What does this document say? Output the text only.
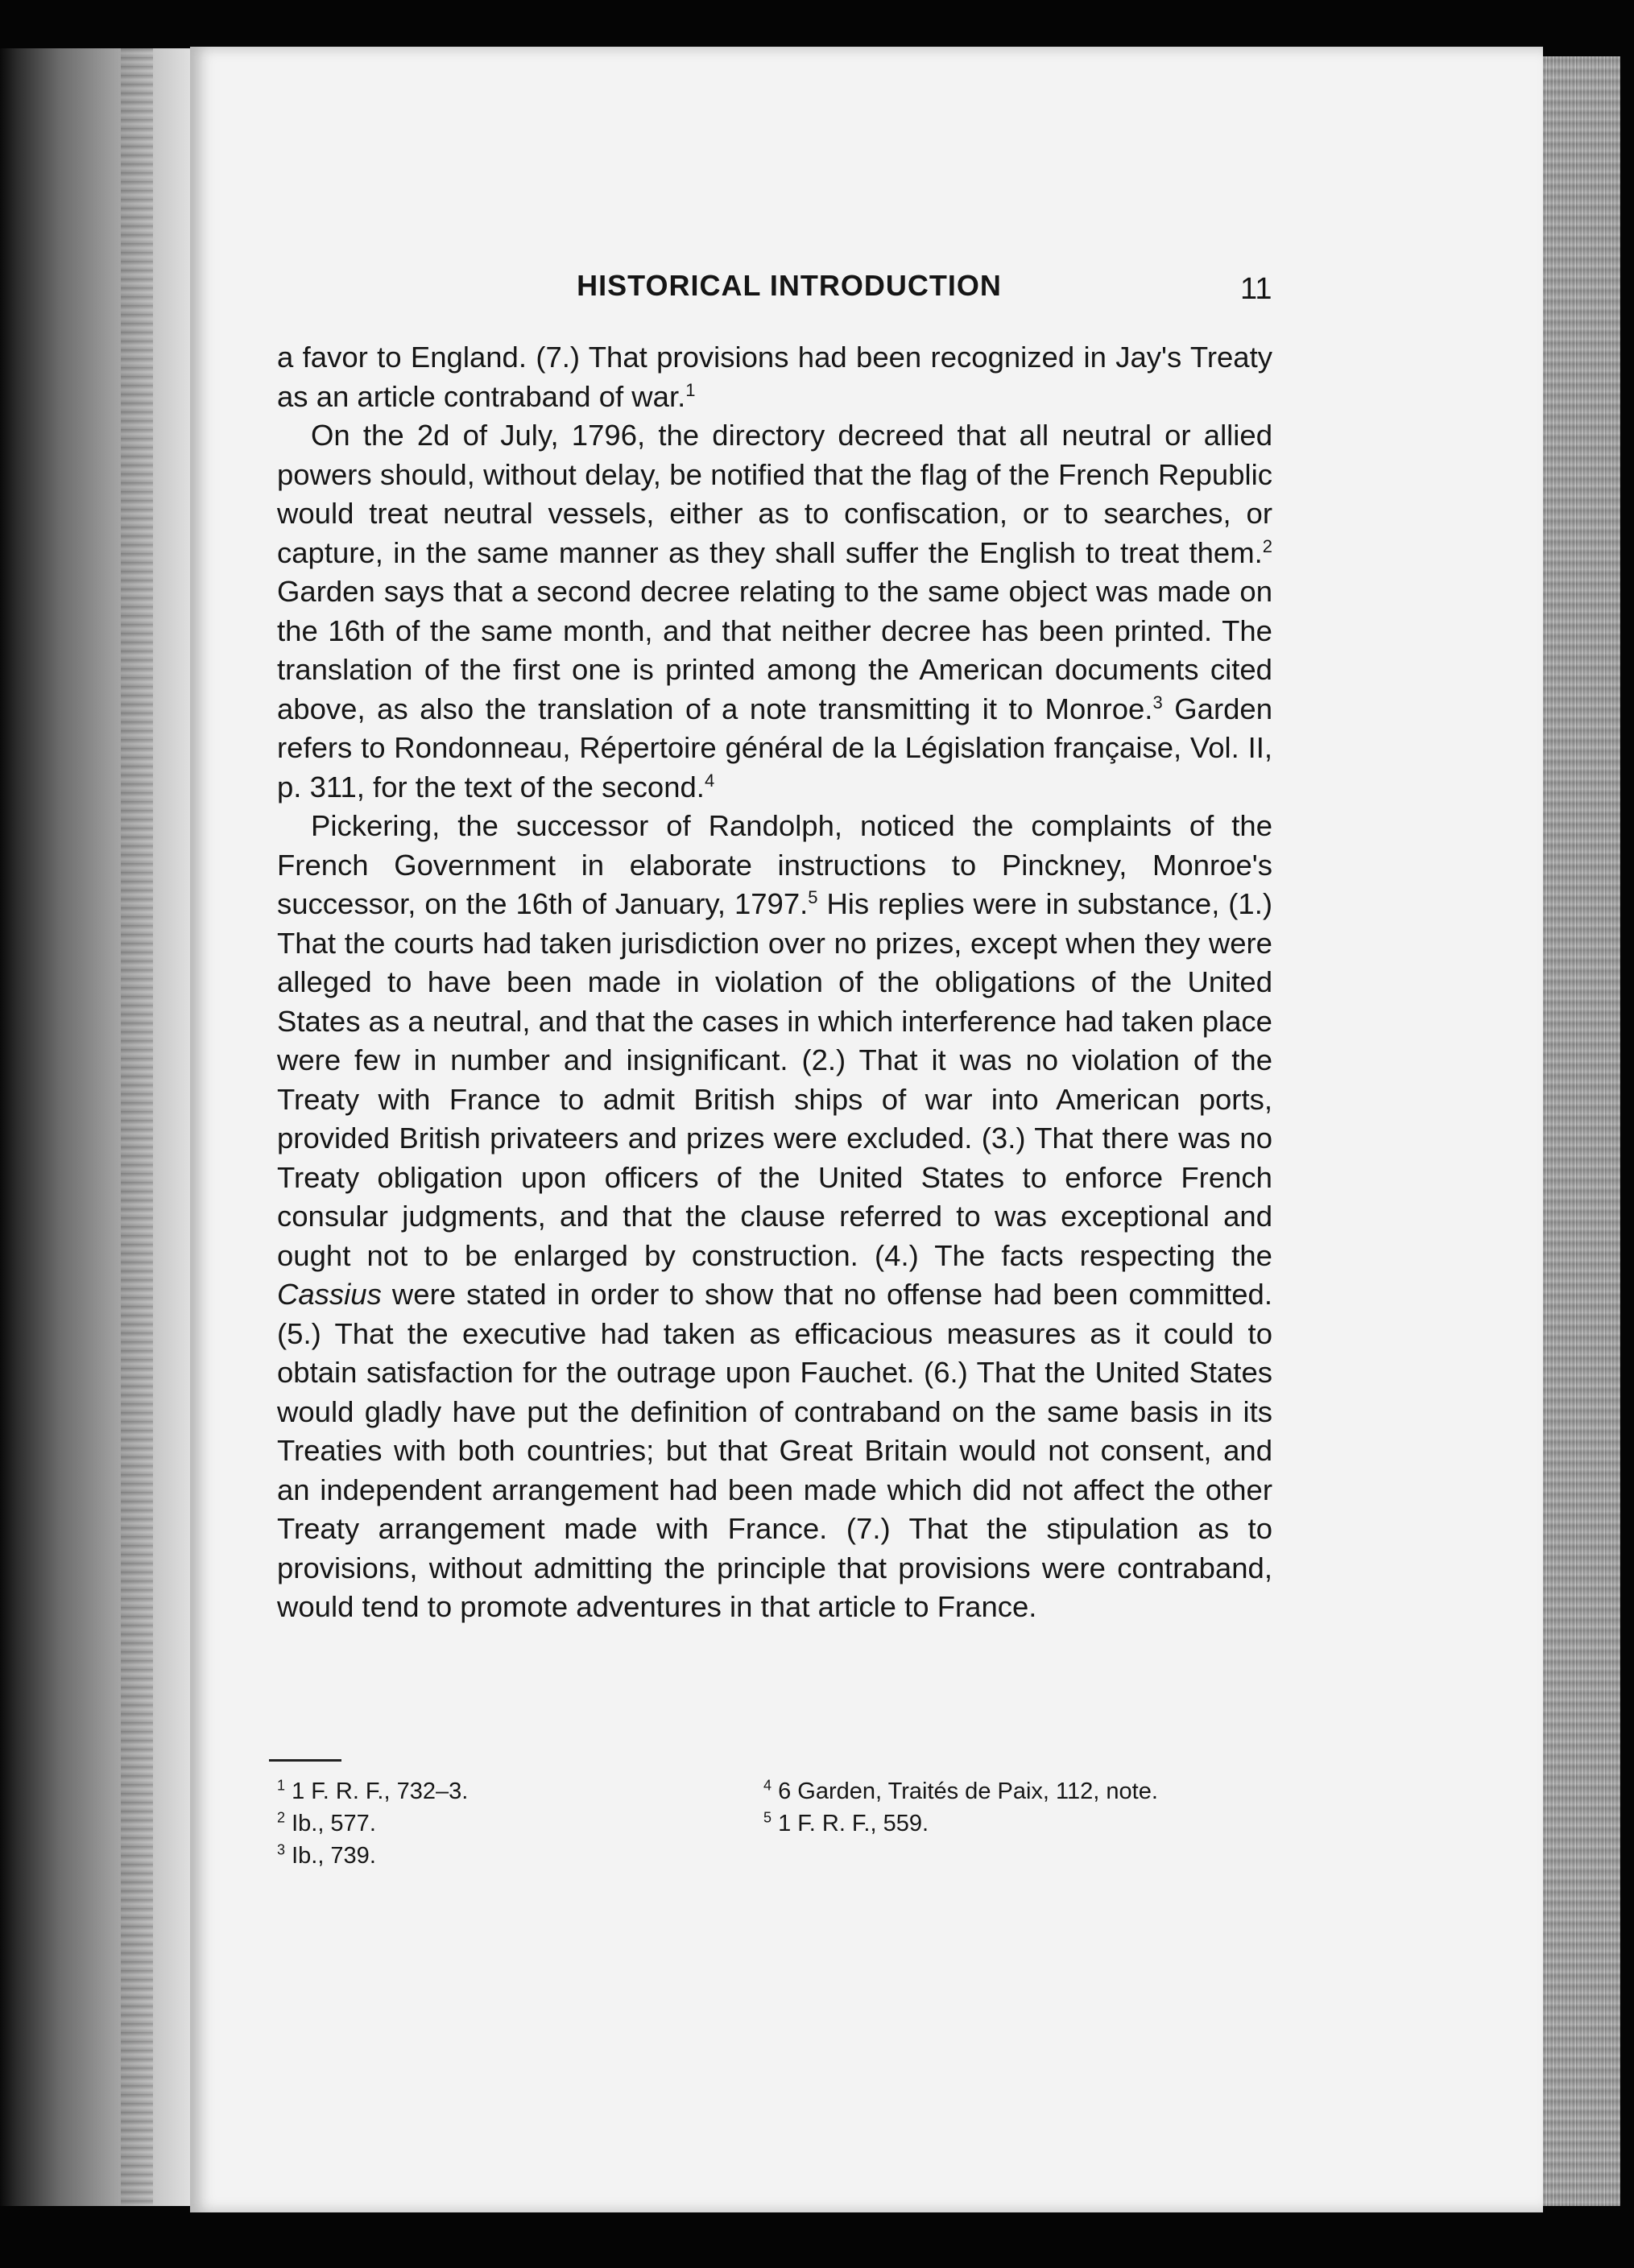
HISTORICAL INTRODUCTION	11

a favor to England. (7.) That provisions had been recognized in Jay's Treaty as an article contraband of war.$^1$

On the 2d of July, 1796, the directory decreed that all neutral or allied powers should, without delay, be notified that the flag of the French Republic would treat neutral vessels, either as to confiscation, or to searches, or capture, in the same manner as they shall suffer the English to treat them.$^2$ Garden says that a second decree relating to the same object was made on the 16th of the same month, and that neither decree has been printed. The translation of the first one is printed among the American documents cited above, as also the translation of a note transmitting it to Monroe.$^3$ Garden refers to Rondonneau, Répertoire général de la Législation française, Vol. II, p. 311, for the text of the second.$^4$

Pickering, the successor of Randolph, noticed the complaints of the French Government in elaborate instructions to Pinckney, Monroe's successor, on the 16th of January, 1797.$^5$ His replies were in substance, (1.) That the courts had taken jurisdiction over no prizes, except when they were alleged to have been made in violation of the obligations of the United States as a neutral, and that the cases in which interference had taken place were few in number and insignificant. (2.) That it was no violation of the Treaty with France to admit British ships of war into American ports, provided British privateers and prizes were excluded. (3.) That there was no Treaty obligation upon officers of the United States to enforce French consular judgments, and that the clause referred to was exceptional and ought not to be enlarged by construction. (4.) The facts respecting the Cassius were stated in order to show that no offense had been committed. (5.) That the executive had taken as efficacious measures as it could to obtain satisfaction for the outrage upon Fauchet. (6.) That the United States would gladly have put the definition of contraband on the same basis in its Treaties with both countries; but that Great Britain would not consent, and an independent arrangement had been made which did not affect the other Treaty arrangement made with France. (7.) That the stipulation as to provisions, without admitting the principle that provisions were contraband, would tend to promote adventures in that article to France.

$^1$ 1 F. R. F., 732–3.
$^2$ Ib., 577.
$^3$ Ib., 739.
$^4$ 6 Garden, Traités de Paix, 112, note.
$^5$ 1 F. R. F., 559.
